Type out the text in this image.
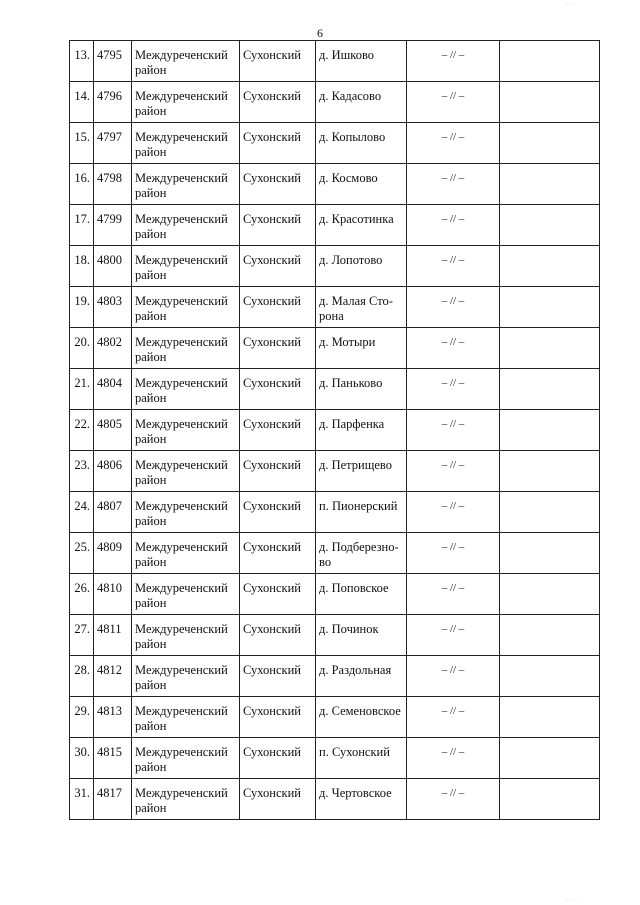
6
13.	4795	Междуреченский район	Сухонский	д. Ишково	– // –	
14.	4796	Междуреченский район	Сухонский	д. Кадасово	– // –	
15.	4797	Междуреченский район	Сухонский	д. Копылово	– // –	
16.	4798	Междуреченский район	Сухонский	д. Космово	– // –	
17.	4799	Междуреченский район	Сухонский	д. Красотинка	– // –	
18.	4800	Междуреченский район	Сухонский	д. Лопотово	– // –	
19.	4803	Междуреченский район	Сухонский	д. Малая Сто-рона	– // –	
20.	4802	Междуреченский район	Сухонский	д. Мотыри	– // –	
21.	4804	Междуреченский район	Сухонский	д. Паньково	– // –	
22.	4805	Междуреченский район	Сухонский	д. Парфенка	– // –	
23.	4806	Междуреченский район	Сухонский	д. Петрищево	– // –	
24.	4807	Междуреченский район	Сухонский	п. Пионерский	– // –	
25.	4809	Междуреченский район	Сухонский	д. Подберезно-во	– // –	
26.	4810	Междуреченский район	Сухонский	д. Поповское	– // –	
27.	4811	Междуреченский район	Сухонский	д. Починок	– // –	
28.	4812	Междуреченский район	Сухонский	д. Раздольная	– // –	
29.	4813	Междуреченский район	Сухонский	д. Семеновское	– // –	
30.	4815	Междуреченский район	Сухонский	п. Сухонский	– // –	
31.	4817	Междуреченский район	Сухонский	д. Чертовское	– // –	
· · ·
· · · ·
